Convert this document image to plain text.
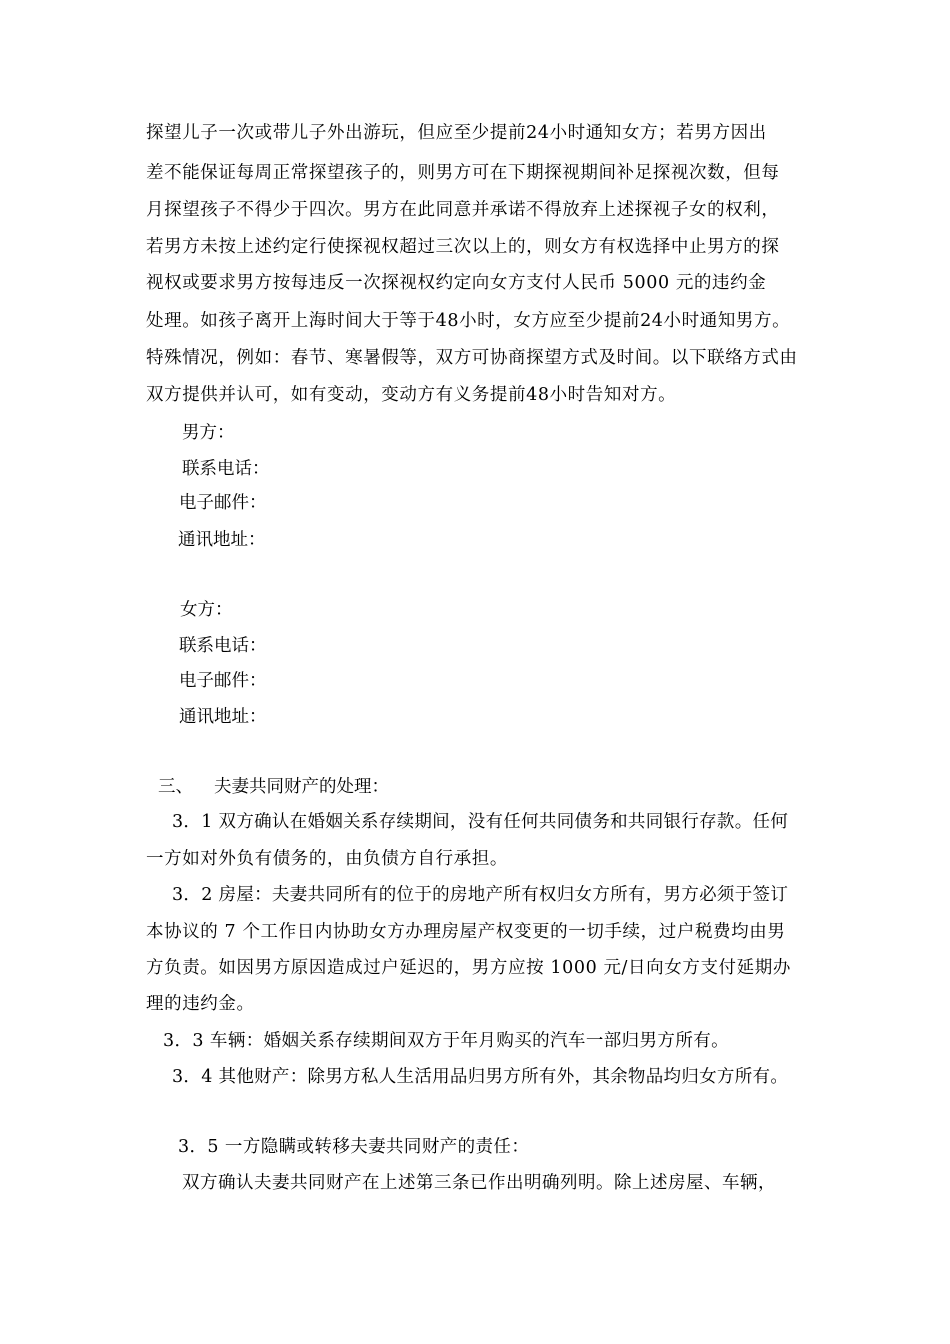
探望儿子一次或带儿子外出游玩，但应至少提前24小时通知女方；若男方因出
差不能保证每周正常探望孩子的，则男方可在下期探视期间补足探视次数，但每
月探望孩子不得少于四次。男方在此同意并承诺不得放弃上述探视子女的权利，
若男方未按上述约定行使探视权超过三次以上的，则女方有权选择中止男方的探
视权或要求男方按每违反一次探视权约定向女方支付人民币 5000 元的违约金
处理。如孩子离开上海时间大于等于48小时，女方应至少提前24小时通知男方。
特殊情况，例如：春节、寒暑假等，双方可协商探望方式及时间。以下联络方式由
双方提供并认可，如有变动，变动方有义务提前48小时告知对方。
男方：
联系电话：
电子邮件：
通讯地址：
女方：
联系电话：
电子邮件：
通讯地址：
三、 夫妻共同财产的处理：
3．1 双方确认在婚姻关系存续期间，没有任何共同债务和共同银行存款。任何
一方如对外负有债务的，由负债方自行承担。
3．2 房屋：夫妻共同所有的位于的房地产所有权归女方所有，男方必须于签订
本协议的 7 个工作日内协助女方办理房屋产权变更的一切手续，过户税费均由男
方负责。如因男方原因造成过户延迟的，男方应按 1000 元/日向女方支付延期办
理的违约金。
3．3 车辆：婚姻关系存续期间双方于年月购买的汽车一部归男方所有。
3．4 其他财产：除男方私人生活用品归男方所有外，其余物品均归女方所有。
3．5 一方隐瞒或转移夫妻共同财产的责任：
双方确认夫妻共同财产在上述第三条已作出明确列明。除上述房屋、车辆，
